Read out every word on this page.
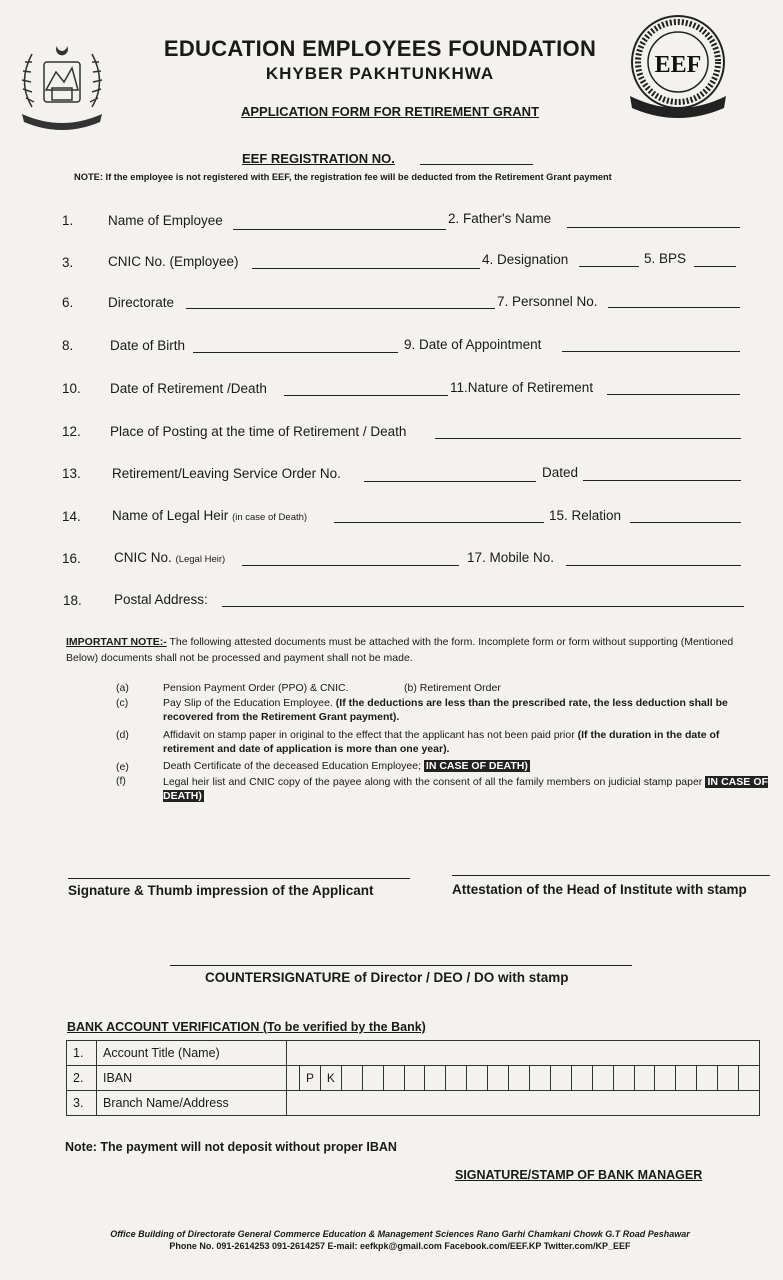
EDUCATION EMPLOYEES FOUNDATION
KHYBER PAKHTUNKHWA
APPLICATION FORM FOR RETIREMENT GRANT
EEF
EEF REGISTRATION NO.
NOTE: If the employee is not registered with EEF, the registration fee will be deducted from the Retirement Grant payment
1.	Name of Employee	2. Father's Name
3.	CNIC No. (Employee)	4. Designation	5. BPS
6.	Directorate	7. Personnel No.
8.	Date of Birth	9. Date of Appointment
10. Date of Retirement /Death	11.Nature of Retirement
12. Place of Posting at the time of Retirement / Death
13. Retirement/Leaving Service Order No.	Dated
14. Name of Legal Heir (in case of Death)	15. Relation
16. CNIC No. (Legal Heir)	17. Mobile No.
18. Postal Address:
IMPORTANT NOTE:- The following attested documents must be attached with the form. Incomplete form or form without supporting (Mentioned Below) documents shall not be processed and payment shall not be made.
(a)	Pension Payment Order (PPO) & CNIC.	(b) Retirement Order
(c)	Pay Slip of the Education Employee. (If the deductions are less than the prescribed rate, the less deduction shall be recovered from the Retirement Grant payment).
(d)	Affidavit on stamp paper in original to the effect that the applicant has not been paid prior (If the duration in the date of retirement and date of application is more than one year).
(e)	Death Certificate of the deceased Education Employee; IN CASE OF DEATH)
(f)	Legal heir list and CNIC copy of the payee along with the consent of all the family members on judicial stamp paper IN CASE OF DEATH)
Signature & Thumb impression of the Applicant	Attestation of the Head of Institute with stamp
COUNTERSIGNATURE of Director / DEO / DO with stamp
BANK ACCOUNT VERIFICATION (To be verified by the Bank)
1.	Account Title (Name)	
2.	IBAN	P K

3.	Branch Name/Address	
Note: The payment will not deposit without proper IBAN
SIGNATURE/STAMP OF BANK MANAGER
Office Building of Directorate General Commerce Education & Management Sciences Rano Garhi Chamkani Chowk G.T Road Peshawar
Phone No. 091-2614253 091-2614257 E-mail: eefkpk@gmail.com Facebook.com/EEF.KP Twitter.com/KP_EEF
